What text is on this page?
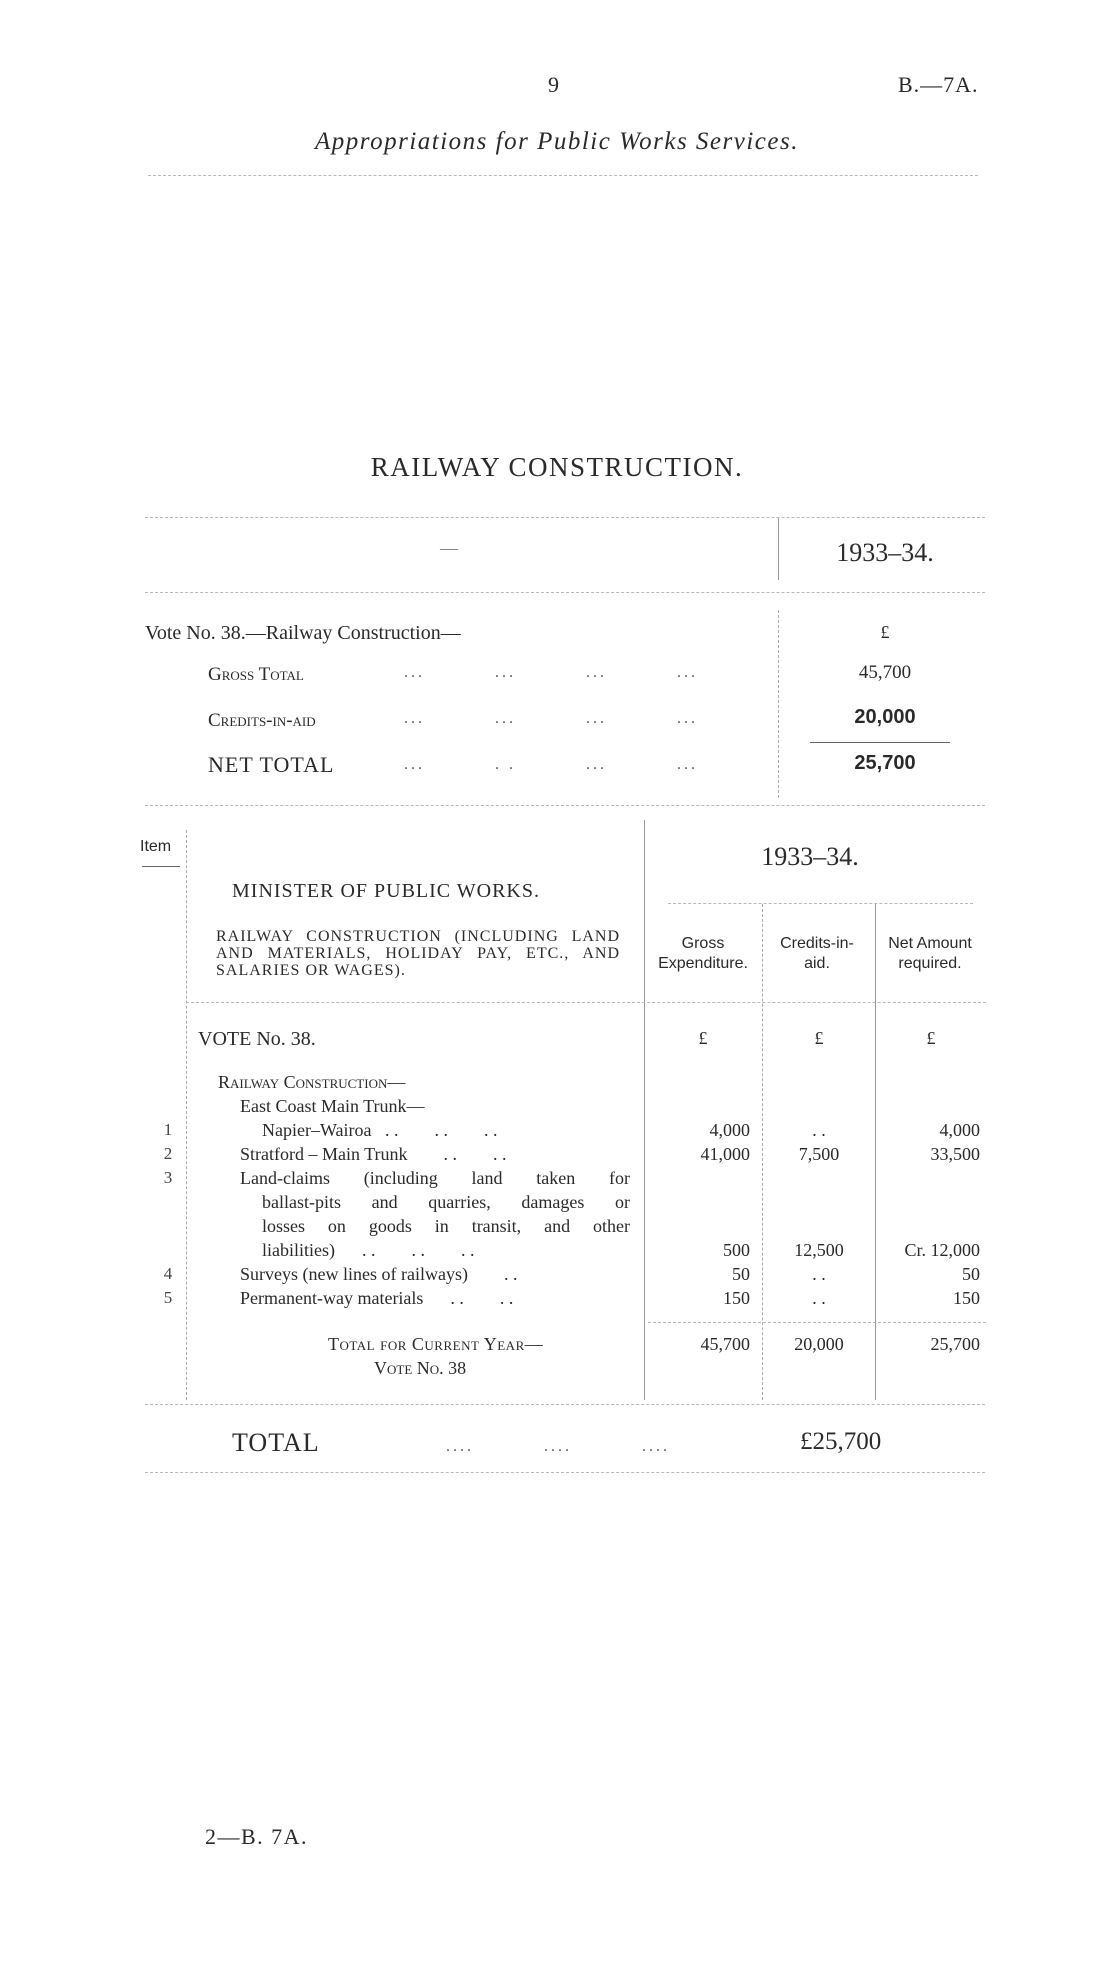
9	B.—7A.
Appropriations for Public Works Services.
RAILWAY CONSTRUCTION.
—	1933–34.
Vote No. 38.—Railway Construction—	£
Gross Total	...          ...          ...          ...	45,700
Credits-in-aid	...          ...          ...          ...	20,000
NET TOTAL	...          . .          ...          ...	25,700
Item	1933–34.
MINISTER OF PUBLIC WORKS.
RAILWAY CONSTRUCTION (INCLUDING LAND AND MATERIALS, HOLIDAY PAY, ETC., AND SALARIES OR WAGES).
Gross Expenditure.
Credits-in-aid.
Net Amount required.
VOTE No. 38.	£	£	£
Railway Construction—
East Coast Main Trunk—
1	Napier–Wairoa   . .        . .        . .	4,000	. .	4,000
2	Stratford – Main Trunk        . .        . .	41,000	7,500	33,500
3	Land-claims (including land taken for
ballast-pits and quarries, damages or
losses on goods in transit, and other
liabilities)      . .        . .        . .	500	12,500	Cr. 12,000
4	Surveys (new lines of railways)        . .	50	. .	50
5	Permanent-way materials      . .        . .	150	. .	150
Total for Current Year—
Vote No. 38
45,700	20,000	25,700
TOTAL	....          ....          ....	£25,700
2—B. 7A.
